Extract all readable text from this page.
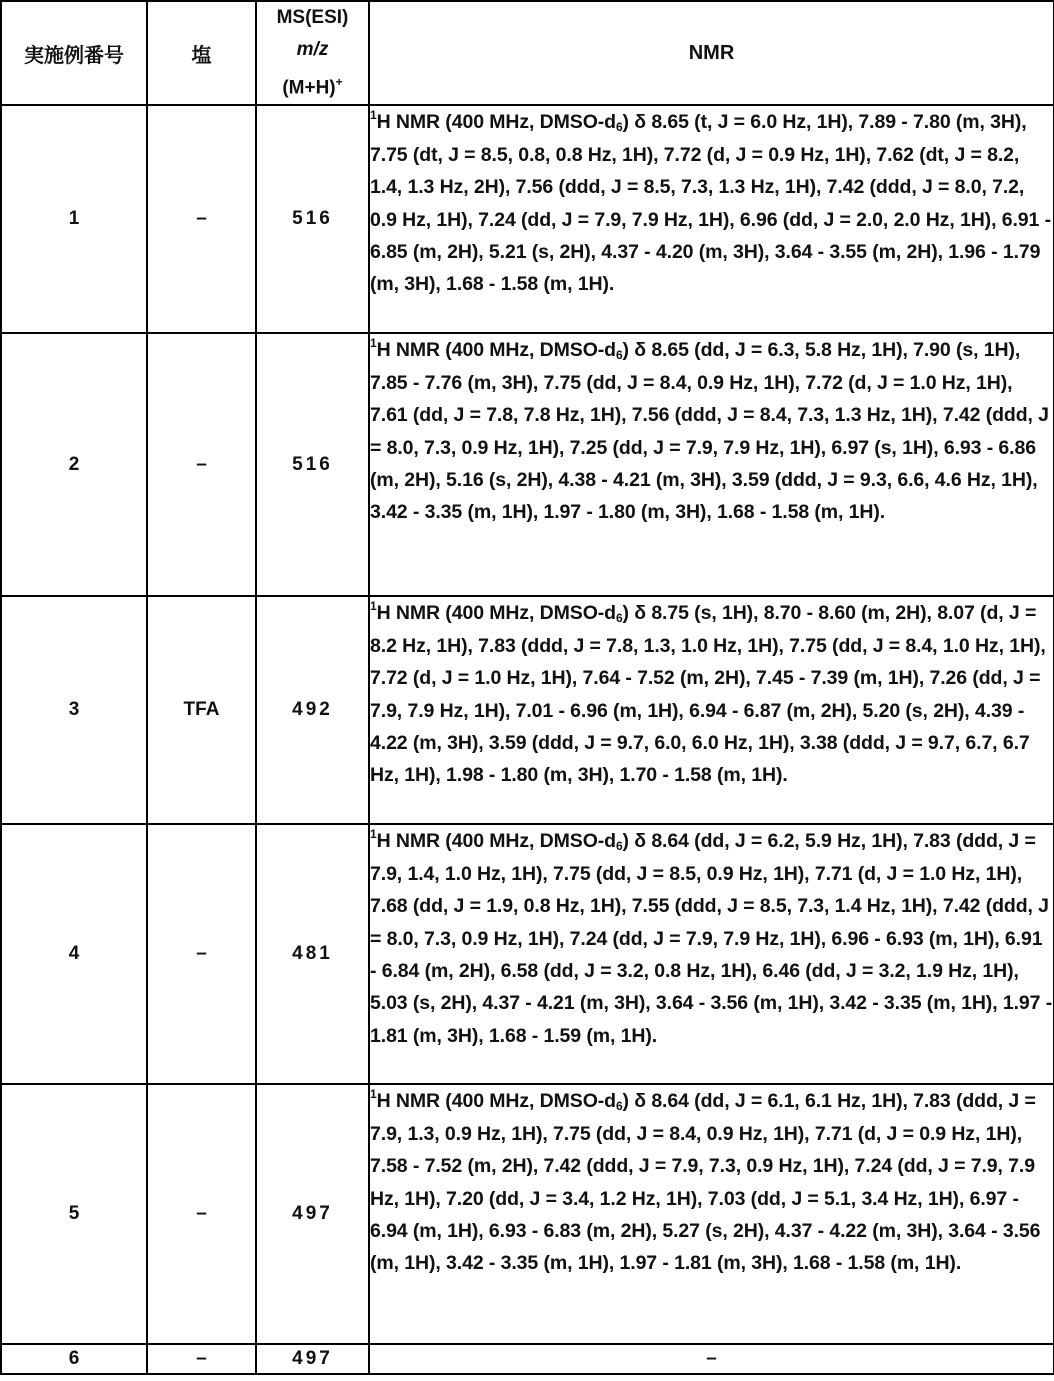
実施例番号	塩	MS(ESI)
m/z
(M+H)+	NMR
1	–	516	$^1$H NMR (400 MHz, DMSO-d6) δ 8.65 (t, J = 6.0 Hz, 1H), 7.89 - 7.80 (m, 3H), 7.75 (dt, J = 8.5, 0.8, 0.8 Hz, 1H), 7.72 (d, J = 0.9 Hz, 1H), 7.62 (dt, J = 8.2, 1.4, 1.3 Hz, 2H), 7.56 (ddd, J = 8.5, 7.3, 1.3 Hz, 1H), 7.42 (ddd, J = 8.0, 7.2, 0.9 Hz, 1H), 7.24 (dd, J = 7.9, 7.9 Hz, 1H), 6.96 (dd, J = 2.0, 2.0 Hz, 1H), 6.91 - 6.85 (m, 2H), 5.21 (s, 2H), 4.37 - 4.20 (m, 3H), 3.64 - 3.55 (m, 2H), 1.96 - 1.79 (m, 3H), 1.68 - 1.58 (m, 1H).
2	–	516	$^1$H NMR (400 MHz, DMSO-d6) δ 8.65 (dd, J = 6.3, 5.8 Hz, 1H), 7.90 (s, 1H), 7.85 - 7.76 (m, 3H), 7.75 (dd, J = 8.4, 0.9 Hz, 1H), 7.72 (d, J = 1.0 Hz, 1H), 7.61 (dd, J = 7.8, 7.8 Hz, 1H), 7.56 (ddd, J = 8.4, 7.3, 1.3 Hz, 1H), 7.42 (ddd, J = 8.0, 7.3, 0.9 Hz, 1H), 7.25 (dd, J = 7.9, 7.9 Hz, 1H), 6.97 (s, 1H), 6.93 - 6.86 (m, 2H), 5.16 (s, 2H), 4.38 - 4.21 (m, 3H), 3.59 (ddd, J = 9.3, 6.6, 4.6 Hz, 1H), 3.42 - 3.35 (m, 1H), 1.97 - 1.80 (m, 3H), 1.68 - 1.58 (m, 1H).
3	TFA	492	$^1$H NMR (400 MHz, DMSO-d6) δ 8.75 (s, 1H), 8.70 - 8.60 (m, 2H), 8.07 (d, J = 8.2 Hz, 1H), 7.83 (ddd, J = 7.8, 1.3, 1.0 Hz, 1H), 7.75 (dd, J = 8.4, 1.0 Hz, 1H), 7.72 (d, J = 1.0 Hz, 1H), 7.64 - 7.52 (m, 2H), 7.45 - 7.39 (m, 1H), 7.26 (dd, J = 7.9, 7.9 Hz, 1H), 7.01 - 6.96 (m, 1H), 6.94 - 6.87 (m, 2H), 5.20 (s, 2H), 4.39 - 4.22 (m, 3H), 3.59 (ddd, J = 9.7, 6.0, 6.0 Hz, 1H), 3.38 (ddd, J = 9.7, 6.7, 6.7 Hz, 1H), 1.98 - 1.80 (m, 3H), 1.70 - 1.58 (m, 1H).
4	–	481	$^1$H NMR (400 MHz, DMSO-d6) δ 8.64 (dd, J = 6.2, 5.9 Hz, 1H), 7.83 (ddd, J = 7.9, 1.4, 1.0 Hz, 1H), 7.75 (dd, J = 8.5, 0.9 Hz, 1H), 7.71 (d, J = 1.0 Hz, 1H), 7.68 (dd, J = 1.9, 0.8 Hz, 1H), 7.55 (ddd, J = 8.5, 7.3, 1.4 Hz, 1H), 7.42 (ddd, J = 8.0, 7.3, 0.9 Hz, 1H), 7.24 (dd, J = 7.9, 7.9 Hz, 1H), 6.96 - 6.93 (m, 1H), 6.91 - 6.84 (m, 2H), 6.58 (dd, J = 3.2, 0.8 Hz, 1H), 6.46 (dd, J = 3.2, 1.9 Hz, 1H), 5.03 (s, 2H), 4.37 - 4.21 (m, 3H), 3.64 - 3.56 (m, 1H), 3.42 - 3.35 (m, 1H), 1.97 - 1.81 (m, 3H), 1.68 - 1.59 (m, 1H).
5	–	497	$^1$H NMR (400 MHz, DMSO-d6) δ 8.64 (dd, J = 6.1, 6.1 Hz, 1H), 7.83 (ddd, J = 7.9, 1.3, 0.9 Hz, 1H), 7.75 (dd, J = 8.4, 0.9 Hz, 1H), 7.71 (d, J = 0.9 Hz, 1H), 7.58 - 7.52 (m, 2H), 7.42 (ddd, J = 7.9, 7.3, 0.9 Hz, 1H), 7.24 (dd, J = 7.9, 7.9 Hz, 1H), 7.20 (dd, J = 3.4, 1.2 Hz, 1H), 7.03 (dd, J = 5.1, 3.4 Hz, 1H), 6.97 - 6.94 (m, 1H), 6.93 - 6.83 (m, 2H), 5.27 (s, 2H), 4.37 - 4.22 (m, 3H), 3.64 - 3.56 (m, 1H), 3.42 - 3.35 (m, 1H), 1.97 - 1.81 (m, 3H), 1.68 - 1.58 (m, 1H).
6	–	497	–
